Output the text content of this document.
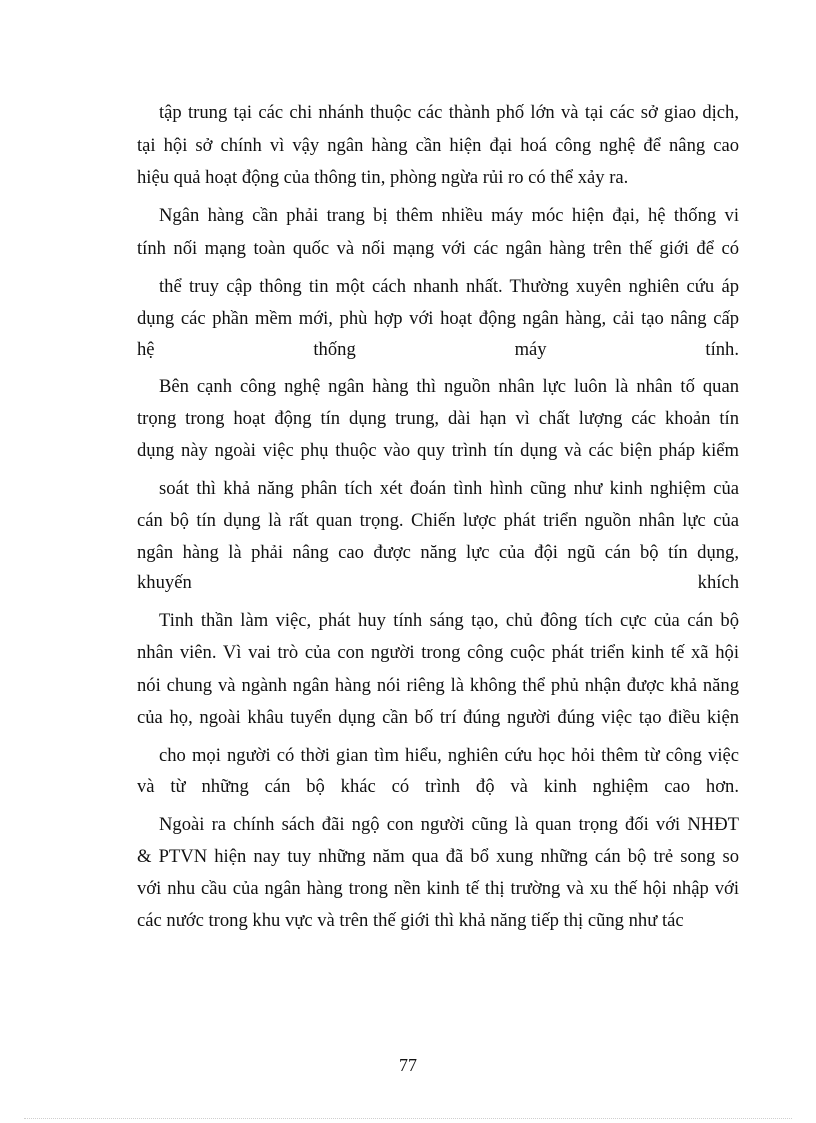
tập trung tại các chi nhánh thuộc các thành phố lớn và tại các sở giao dịch,
tại hội sở chính vì vậy ngân hàng cần hiện đại hoá công nghệ để nâng cao
hiệu quả hoạt động của thông tin, phòng ngừa rủi ro có thể xảy ra.
Ngân hàng cần phải trang bị thêm nhiều máy móc hiện đại, hệ thống vi
tính nối mạng toàn quốc và nối mạng với các ngân hàng trên thế giới để có
thể truy cập thông tin một cách nhanh nhất. Thường xuyên nghiên cứu áp
dụng các phần mềm mới, phù hợp với hoạt động ngân hàng, cải tạo nâng cấp
hệ thống máy tính.
Bên cạnh công nghệ ngân hàng thì nguồn nhân lực luôn là nhân tố quan
trọng trong hoạt động tín dụng trung, dài hạn vì chất lượng các khoản tín
dụng này ngoài việc phụ thuộc vào quy trình tín dụng và các biện pháp kiểm
soát thì khả năng phân tích xét đoán tình hình cũng như kinh nghiệm của
cán bộ tín dụng là rất quan trọng. Chiến lược phát triển nguồn nhân lực của
ngân hàng là phải nâng cao được năng lực của đội ngũ cán bộ tín dụng,
khuyến khích
Tinh thần làm việc, phát huy tính sáng tạo, chủ đông tích cực của cán bộ
nhân viên. Vì vai trò của con người trong công cuộc phát triển kinh tế xã hội
nói chung và ngành ngân hàng nói riêng là không thể phủ nhận được khả năng
của họ, ngoài khâu tuyển dụng cần bố trí đúng người đúng việc tạo điều kiện
cho mọi người có thời gian tìm hiểu, nghiên cứu học hỏi thêm từ công việc
và từ những cán bộ khác có trình độ và kinh nghiệm cao hơn.
Ngoài ra chính sách đãi ngộ con người cũng là quan trọng đối với NHĐT
& PTVN hiện nay tuy những năm qua đã bổ xung những cán bộ trẻ song so
với nhu cầu của ngân hàng trong nền kinh tế thị trường và xu thế hội nhập với
các nước trong khu vực và trên thế giới thì khả năng tiếp thị cũng như tác
77
